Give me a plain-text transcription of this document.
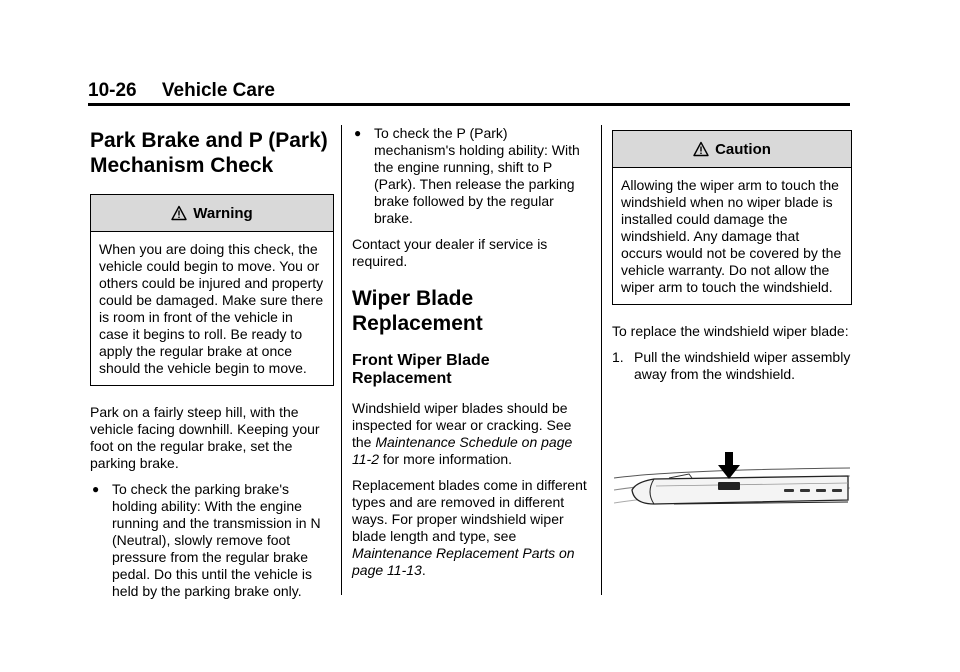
10-26 Vehicle Care
Park Brake and P (Park)
Mechanism Check
Warning
When you are doing this check, the vehicle could begin to move. You or others could be injured and property could be damaged. Make sure there is room in front of the vehicle in case it begins to roll. Be ready to apply the regular brake at once should the vehicle begin to move.

Park on a fairly steep hill, with the vehicle facing downhill. Keeping your foot on the regular brake, set the parking brake.

● To check the parking brake's holding ability: With the engine running and the transmission in N (Neutral), slowly remove foot pressure from the regular brake pedal. Do this until the vehicle is held by the parking brake only.
● To check the P (Park) mechanism's holding ability: With the engine running, shift to P (Park). Then release the parking brake followed by the regular brake.

Contact your dealer if service is required.

Wiper Blade Replacement
Front Wiper Blade
Replacement

Windshield wiper blades should be inspected for wear or cracking. See the Maintenance Schedule on page 11-2 for more information.

Replacement blades come in different types and are removed in different ways. For proper windshield wiper blade length and type, see Maintenance Replacement Parts on page 11-13.

Caution
Allowing the wiper arm to touch the windshield when no wiper blade is installed could damage the windshield. Any damage that occurs would not be covered by the vehicle warranty. Do not allow the wiper arm to touch the windshield.

To replace the windshield wiper blade:

1. Pull the windshield wiper assembly away from the windshield.
